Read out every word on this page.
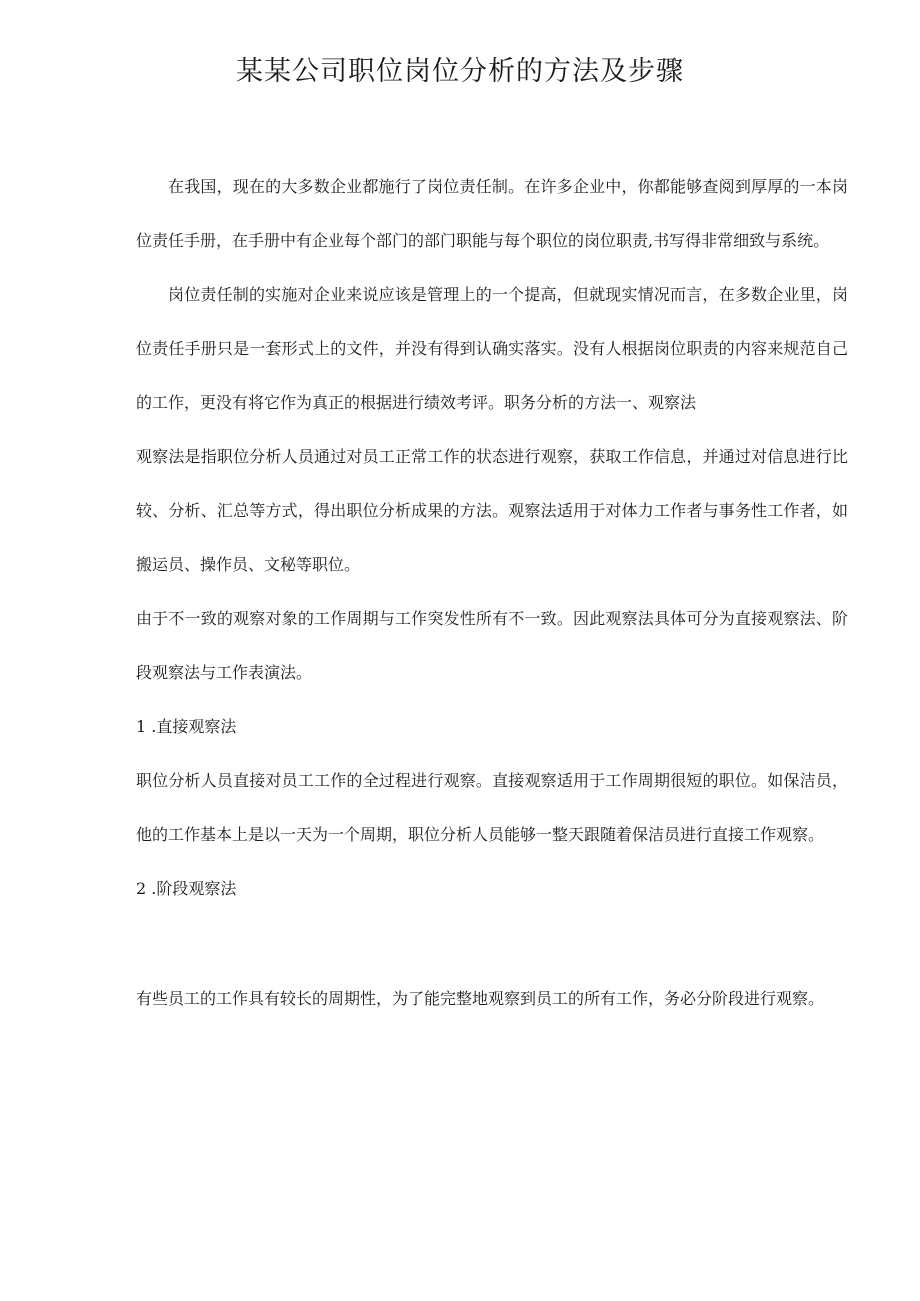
某某公司职位岗位分析的方法及步骤

在我国，现在的大多数企业都施行了岗位责任制。在许多企业中，你都能够查阅到厚厚的一本岗位责任手册，在手册中有企业每个部门的部门职能与每个职位的岗位职责,书写得非常细致与系统。

岗位责任制的实施对企业来说应该是管理上的一个提高，但就现实情况而言，在多数企业里，岗位责任手册只是一套形式上的文件，并没有得到认确实落实。没有人根据岗位职责的内容来规范自己的工作，更没有将它作为真正的根据进行绩效考评。职务分析的方法一、观察法

观察法是指职位分析人员通过对员工正常工作的状态进行观察，获取工作信息，并通过对信息进行比较、分析、汇总等方式，得出职位分析成果的方法。观察法适用于对体力工作者与事务性工作者，如搬运员、操作员、文秘等职位。

由于不一致的观察对象的工作周期与工作突发性所有不一致。因此观察法具体可分为直接观察法、阶段观察法与工作表演法。

1 .直接观察法

职位分析人员直接对员工工作的全过程进行观察。直接观察适用于工作周期很短的职位。如保洁员，他的工作基本上是以一天为一个周期，职位分析人员能够一整天跟随着保洁员进行直接工作观察。

2 .阶段观察法

有些员工的工作具有较长的周期性，为了能完整地观察到员工的所有工作，务必分阶段进行观察。
